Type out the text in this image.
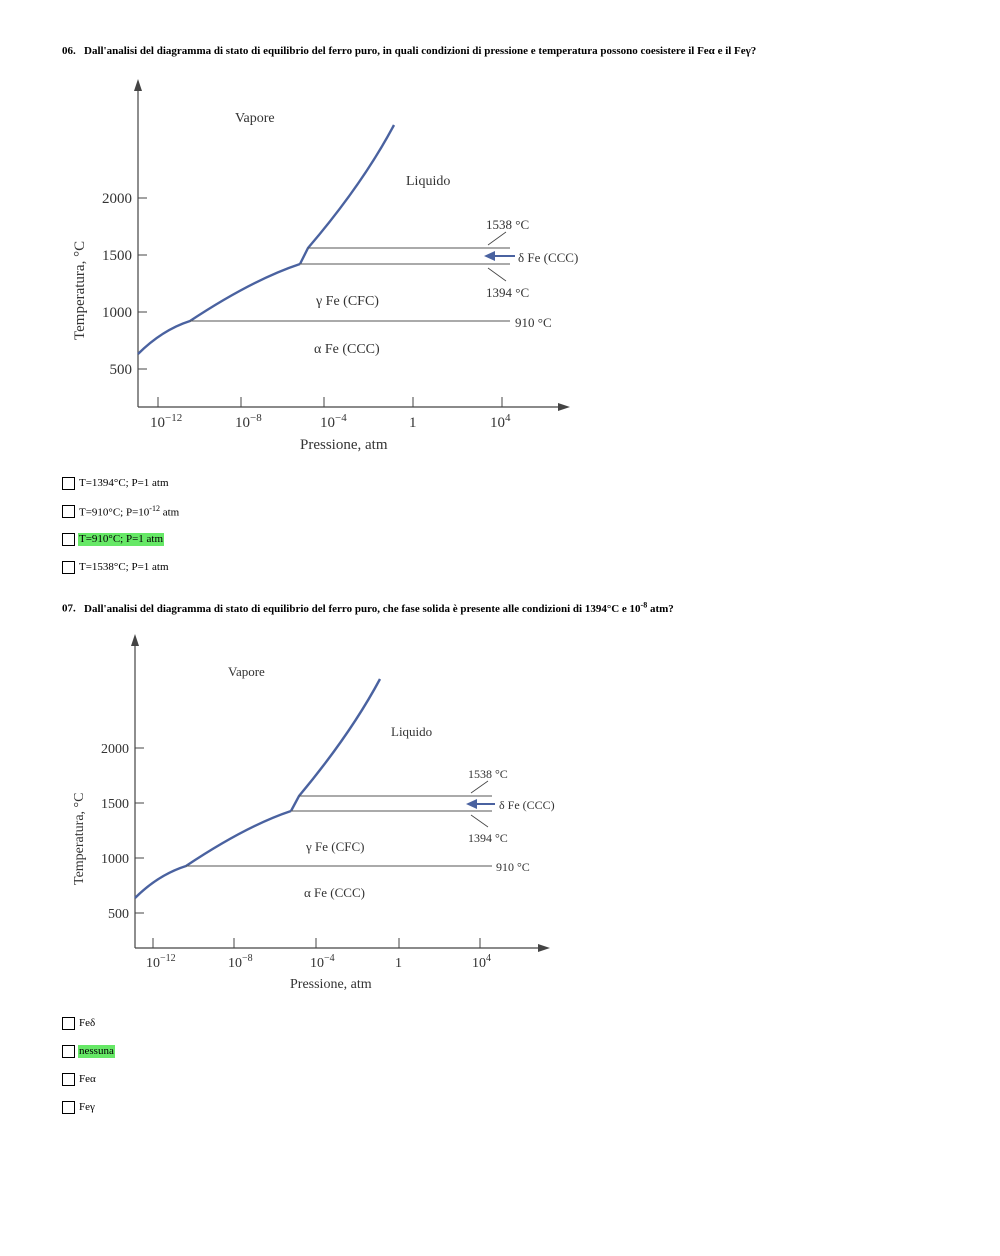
06. Dall'analisi del diagramma di stato di equilibrio del ferro puro, in quali condizioni di pressione e temperatura possono coesistere il Feα e il Feγ?
2000
1500
1000
500
$10^{-12}$	$10^{-8}$	$10^{-4}$	1	$10^4$
Pressione, atm
Temperatura, °C
Vapore
Liquido
1538 °C
δ Fe (CCC)
1394 °C
γ Fe (CFC)
910 °C
α Fe (CCC)
T=1394°C; P=1 atm
T=910°C; $P=10^{-12}$ atm
T=910°C; P=1 atm
T=1538°C; P=1 atm
07. Dall'analisi del diagramma di stato di equilibrio del ferro puro, che fase solida è presente alle condizioni di 1394°C e $10^{-8}$ atm?
2000
1500
1000
500
$10^{-12}$	$10^{-8}$	$10^{-4}$	1	$10^4$
Pressione, atm
Temperatura, °C
Vapore
Liquido
1538 °C
δ Fe (CCC)
1394 °C
γ Fe (CFC)
910 °C
α Fe (CCC)
Feδ
nessuna
Feα
Feγ
